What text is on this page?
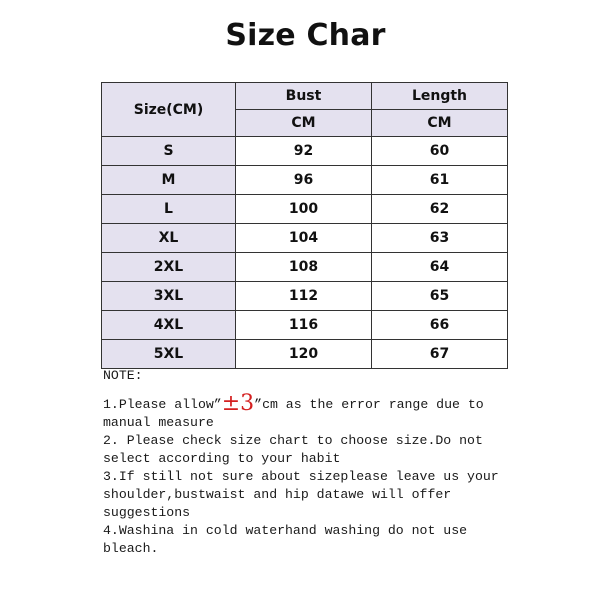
Size Char
Size(CM)	Bust	Length
	CM	CM
S	92	60
M	96	61
L	100	62
XL	104	63
2XL	108	64
3XL	112	65
4XL	116	66
5XL	120	67

NOTE:

1.Please allow”±3”cm as the error range due to manual measure

2. Please check size chart to choose size.Do not select according to your habit

3.If still not sure about sizeplease leave us your shoulder,bustwaist and hip datawe will offer suggestions

4.Washina in cold waterhand washing do not use bleach.
